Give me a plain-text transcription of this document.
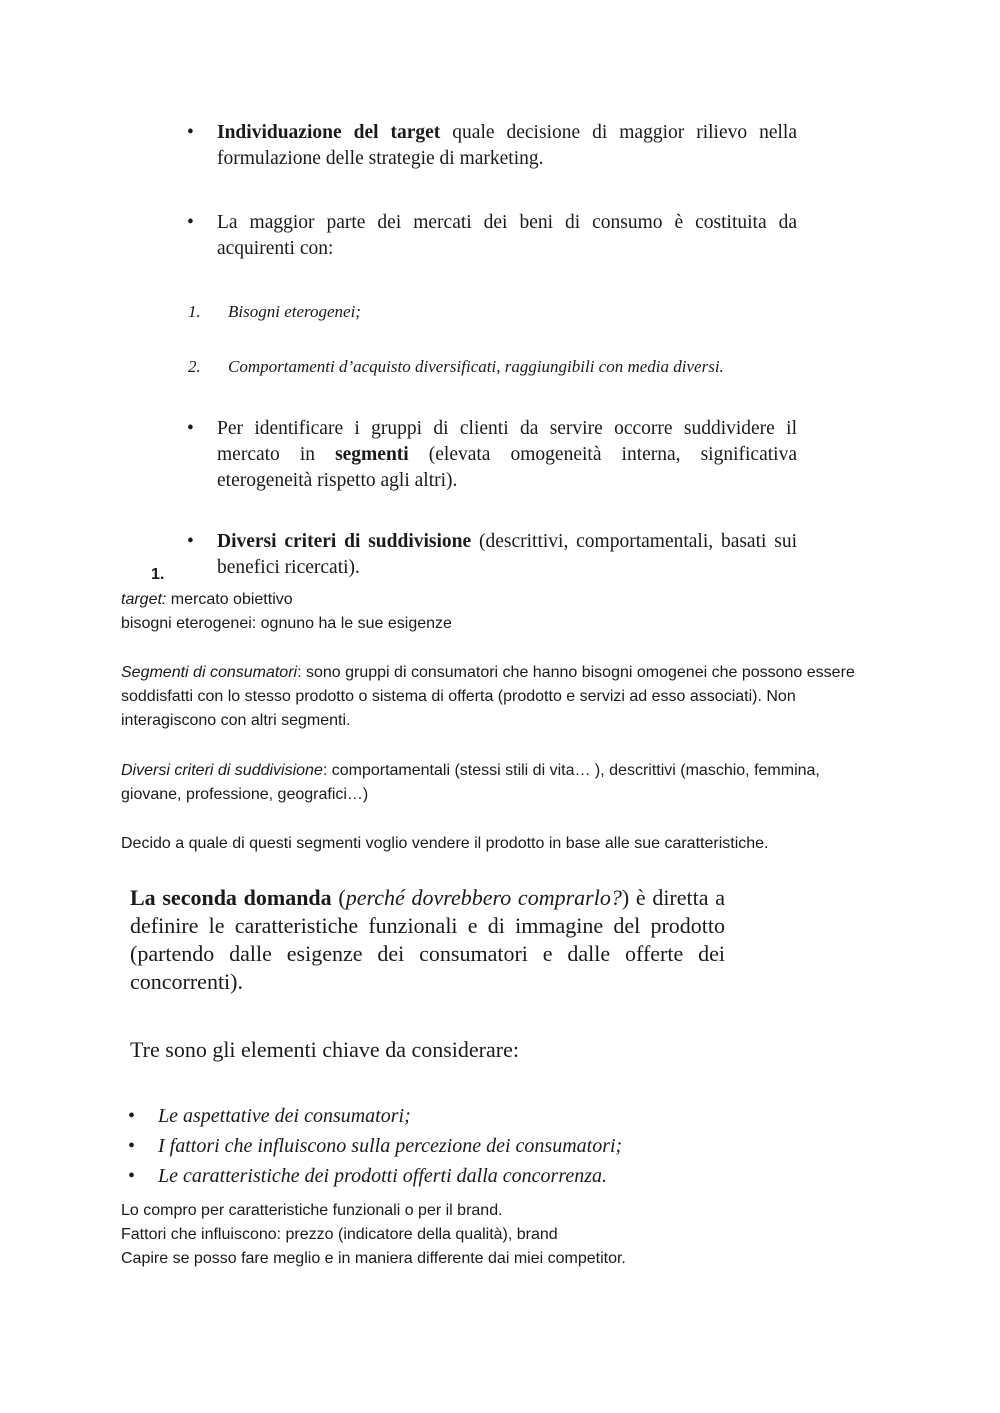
• Individuazione del target quale decisione di maggior rilievo nella formulazione delle strategie di marketing.
• La maggior parte dei mercati dei beni di consumo è costituita da acquirenti con:
1. Bisogni eterogenei;
2. Comportamenti d’acquisto diversificati, raggiungibili con media diversi.
• Per identificare i gruppi di clienti da servire occorre suddividere il mercato in segmenti (elevata omogeneità interna, significativa eterogeneità rispetto agli altri).
• Diversi criteri di suddivisione (descrittivi, comportamentali, basati sui benefici ricercati).
1.
target: mercato obiettivo
bisogni eterogenei: ognuno ha le sue esigenze
Segmenti di consumatori: sono gruppi di consumatori che hanno bisogni omogenei che possono essere soddisfatti con lo stesso prodotto o sistema di offerta (prodotto e servizi ad esso associati). Non interagiscono con altri segmenti.
Diversi criteri di suddivisione: comportamentali (stessi stili di vita… ), descrittivi (maschio, femmina, giovane, professione, geografici…)
Decido a quale di questi segmenti voglio vendere il prodotto in base alle sue caratteristiche.
La seconda domanda (perché dovrebbero comprarlo?) è diretta a definire le caratteristiche funzionali e di immagine del prodotto (partendo dalle esigenze dei consumatori e dalle offerte dei concorrenti).
Tre sono gli elementi chiave da considerare:
• Le aspettative dei consumatori;
• I fattori che influiscono sulla percezione dei consumatori;
• Le caratteristiche dei prodotti offerti dalla concorrenza.
Lo compro per caratteristiche funzionali o per il brand.
Fattori che influiscono: prezzo (indicatore della qualità), brand
Capire se posso fare meglio e in maniera differente dai miei competitor.
